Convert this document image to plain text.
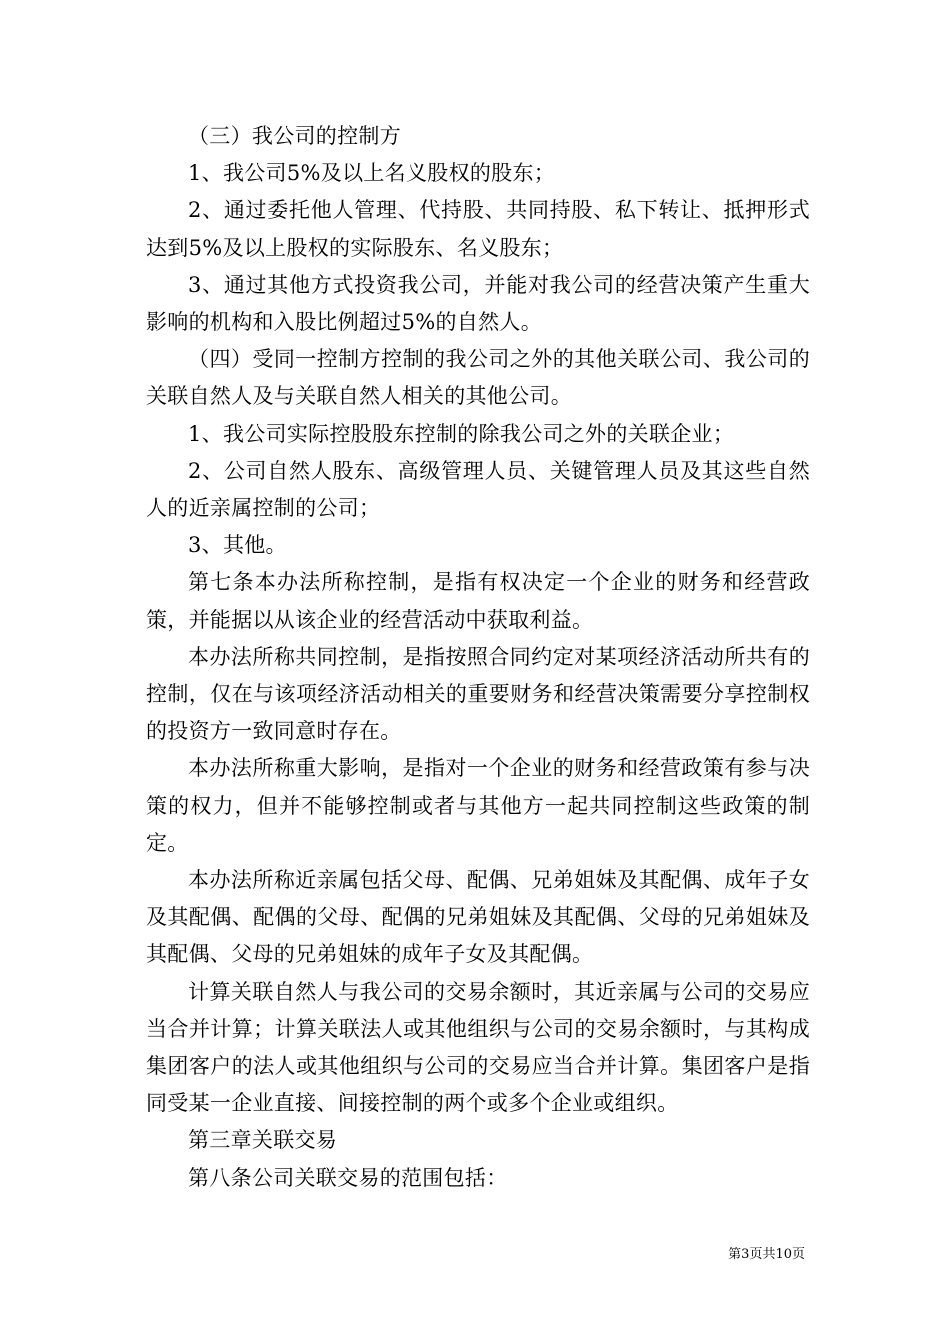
（三）我公司的控制方

1、我公司5%及以上名义股权的股东；

2、通过委托他人管理、代持股、共同持股、私下转让、抵押形式达到5%及以上股权的实际股东、名义股东；

3、通过其他方式投资我公司，并能对我公司的经营决策产生重大影响的机构和入股比例超过5%的自然人。

（四）受同一控制方控制的我公司之外的其他关联公司、我公司的关联自然人及与关联自然人相关的其他公司。

1、我公司实际控股股东控制的除我公司之外的关联企业；

2、公司自然人股东、高级管理人员、关键管理人员及其这些自然人的近亲属控制的公司；

3、其他。

第七条本办法所称控制，是指有权决定一个企业的财务和经营政策，并能据以从该企业的经营活动中获取利益。

本办法所称共同控制，是指按照合同约定对某项经济活动所共有的控制，仅在与该项经济活动相关的重要财务和经营决策需要分享控制权的投资方一致同意时存在。

本办法所称重大影响，是指对一个企业的财务和经营政策有参与决策的权力，但并不能够控制或者与其他方一起共同控制这些政策的制定。

本办法所称近亲属包括父母、配偶、兄弟姐妹及其配偶、成年子女及其配偶、配偶的父母、配偶的兄弟姐妹及其配偶、父母的兄弟姐妹及其配偶、父母的兄弟姐妹的成年子女及其配偶。

计算关联自然人与我公司的交易余额时，其近亲属与公司的交易应当合并计算；计算关联法人或其他组织与公司的交易余额时，与其构成集团客户的法人或其他组织与公司的交易应当合并计算。集团客户是指同受某一企业直接、间接控制的两个或多个企业或组织。

第三章关联交易

第八条公司关联交易的范围包括：

第3页共10页
